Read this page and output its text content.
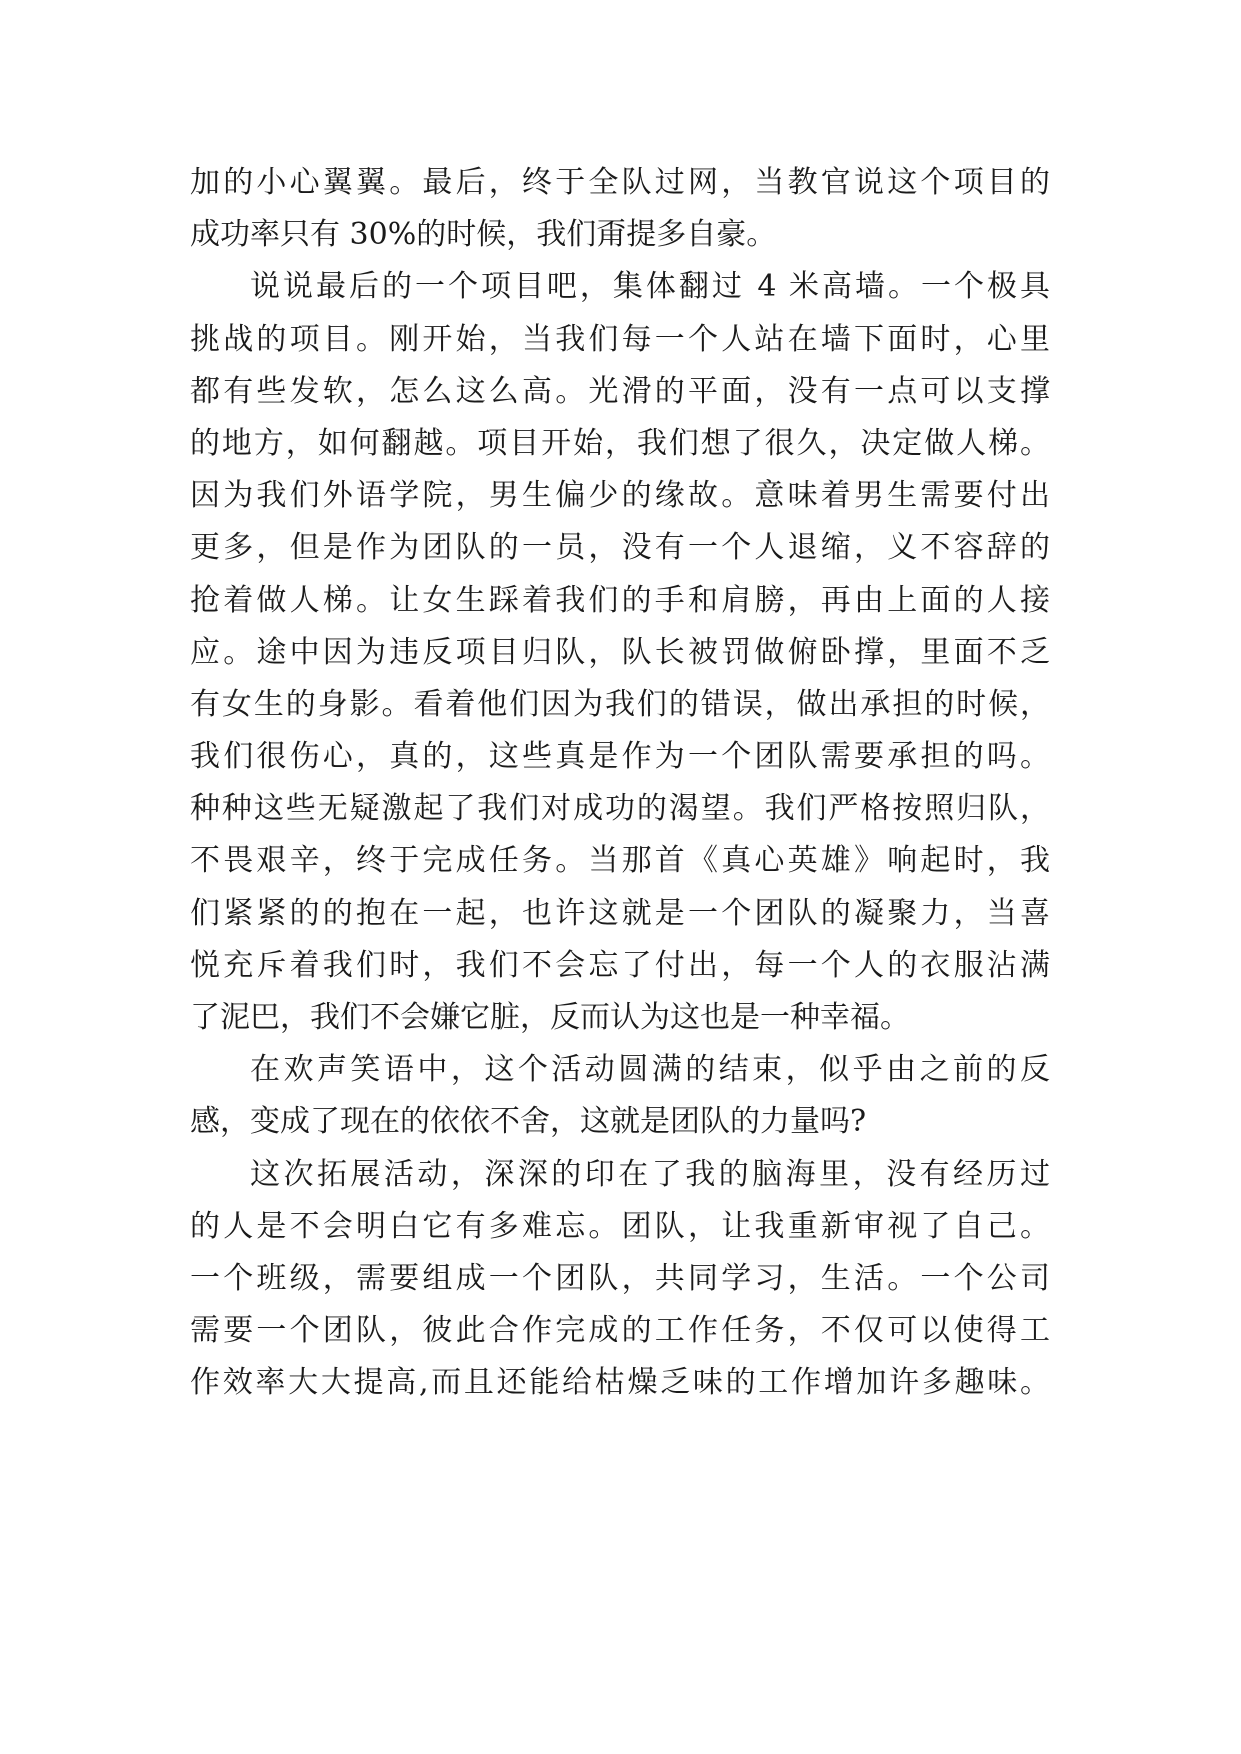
加的小心翼翼。最后，终于全队过网，当教官说这个项目的
成功率只有 30%的时候，我们甭提多自豪。
说说最后的一个项目吧，集体翻过 4 米高墙。一个极具
挑战的项目。刚开始，当我们每一个人站在墙下面时，心里
都有些发软，怎么这么高。光滑的平面，没有一点可以支撑
的地方，如何翻越。项目开始，我们想了很久，决定做人梯。
因为我们外语学院，男生偏少的缘故。意味着男生需要付出
更多，但是作为团队的一员，没有一个人退缩，义不容辞的
抢着做人梯。让女生踩着我们的手和肩膀，再由上面的人接
应。途中因为违反项目归队，队长被罚做俯卧撑，里面不乏
有女生的身影。看着他们因为我们的错误，做出承担的时候，
我们很伤心，真的，这些真是作为一个团队需要承担的吗。
种种这些无疑激起了我们对成功的渴望。我们严格按照归队，
不畏艰辛，终于完成任务。当那首《真心英雄》响起时，我
们紧紧的的抱在一起，也许这就是一个团队的凝聚力，当喜
悦充斥着我们时，我们不会忘了付出，每一个人的衣服沾满
了泥巴，我们不会嫌它脏，反而认为这也是一种幸福。
在欢声笑语中，这个活动圆满的结束，似乎由之前的反
感，变成了现在的依依不舍，这就是团队的力量吗?
这次拓展活动，深深的印在了我的脑海里，没有经历过
的人是不会明白它有多难忘。团队，让我重新审视了自己。
一个班级，需要组成一个团队，共同学习，生活。一个公司
需要一个团队，彼此合作完成的工作任务，不仅可以使得工
作效率大大提高,而且还能给枯燥乏味的工作增加许多趣味。
